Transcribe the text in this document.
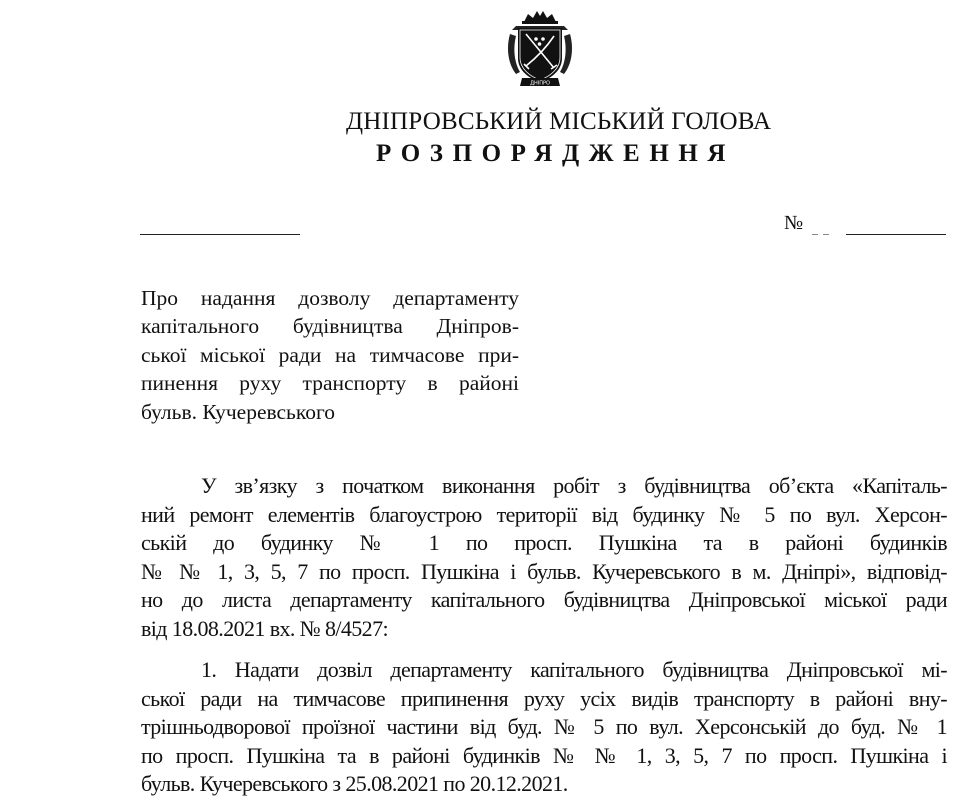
ДНІПРО
ДНІПРОВСЬКИЙ МІСЬКИЙ ГОЛОВА
РОЗПОРЯДЖЕННЯ
№
Про надання дозволу департаменту
капітального будівництва Дніпров-
ської міської ради на тимчасове при-
пинення руху транспорту в районі
бульв. Кучеревського
У зв’язку з початком виконання робіт з будівництва об’єкта «Капіталь-
ний ремонт елементів благоустрою території від будинку № 5 по вул. Херсон-
ській до будинку № 1 по просп. Пушкіна та в районі будинків
№ № 1, 3, 5, 7 по просп. Пушкіна і бульв. Кучеревського в м. Дніпрі», відповід-
но до листа департаменту капітального будівництва Дніпровської міської ради
від 18.08.2021 вх. № 8/4527:
1. Надати дозвіл департаменту капітального будівництва Дніпровської мі-
ської ради на тимчасове припинення руху усіх видів транспорту в районі вну-
трішньодворової проїзної частини від буд. № 5 по вул. Херсонській до буд. № 1
по просп. Пушкіна та в районі будинків № № 1, 3, 5, 7 по просп. Пушкіна і
бульв. Кучеревського з 25.08.2021 по 20.12.2021.
